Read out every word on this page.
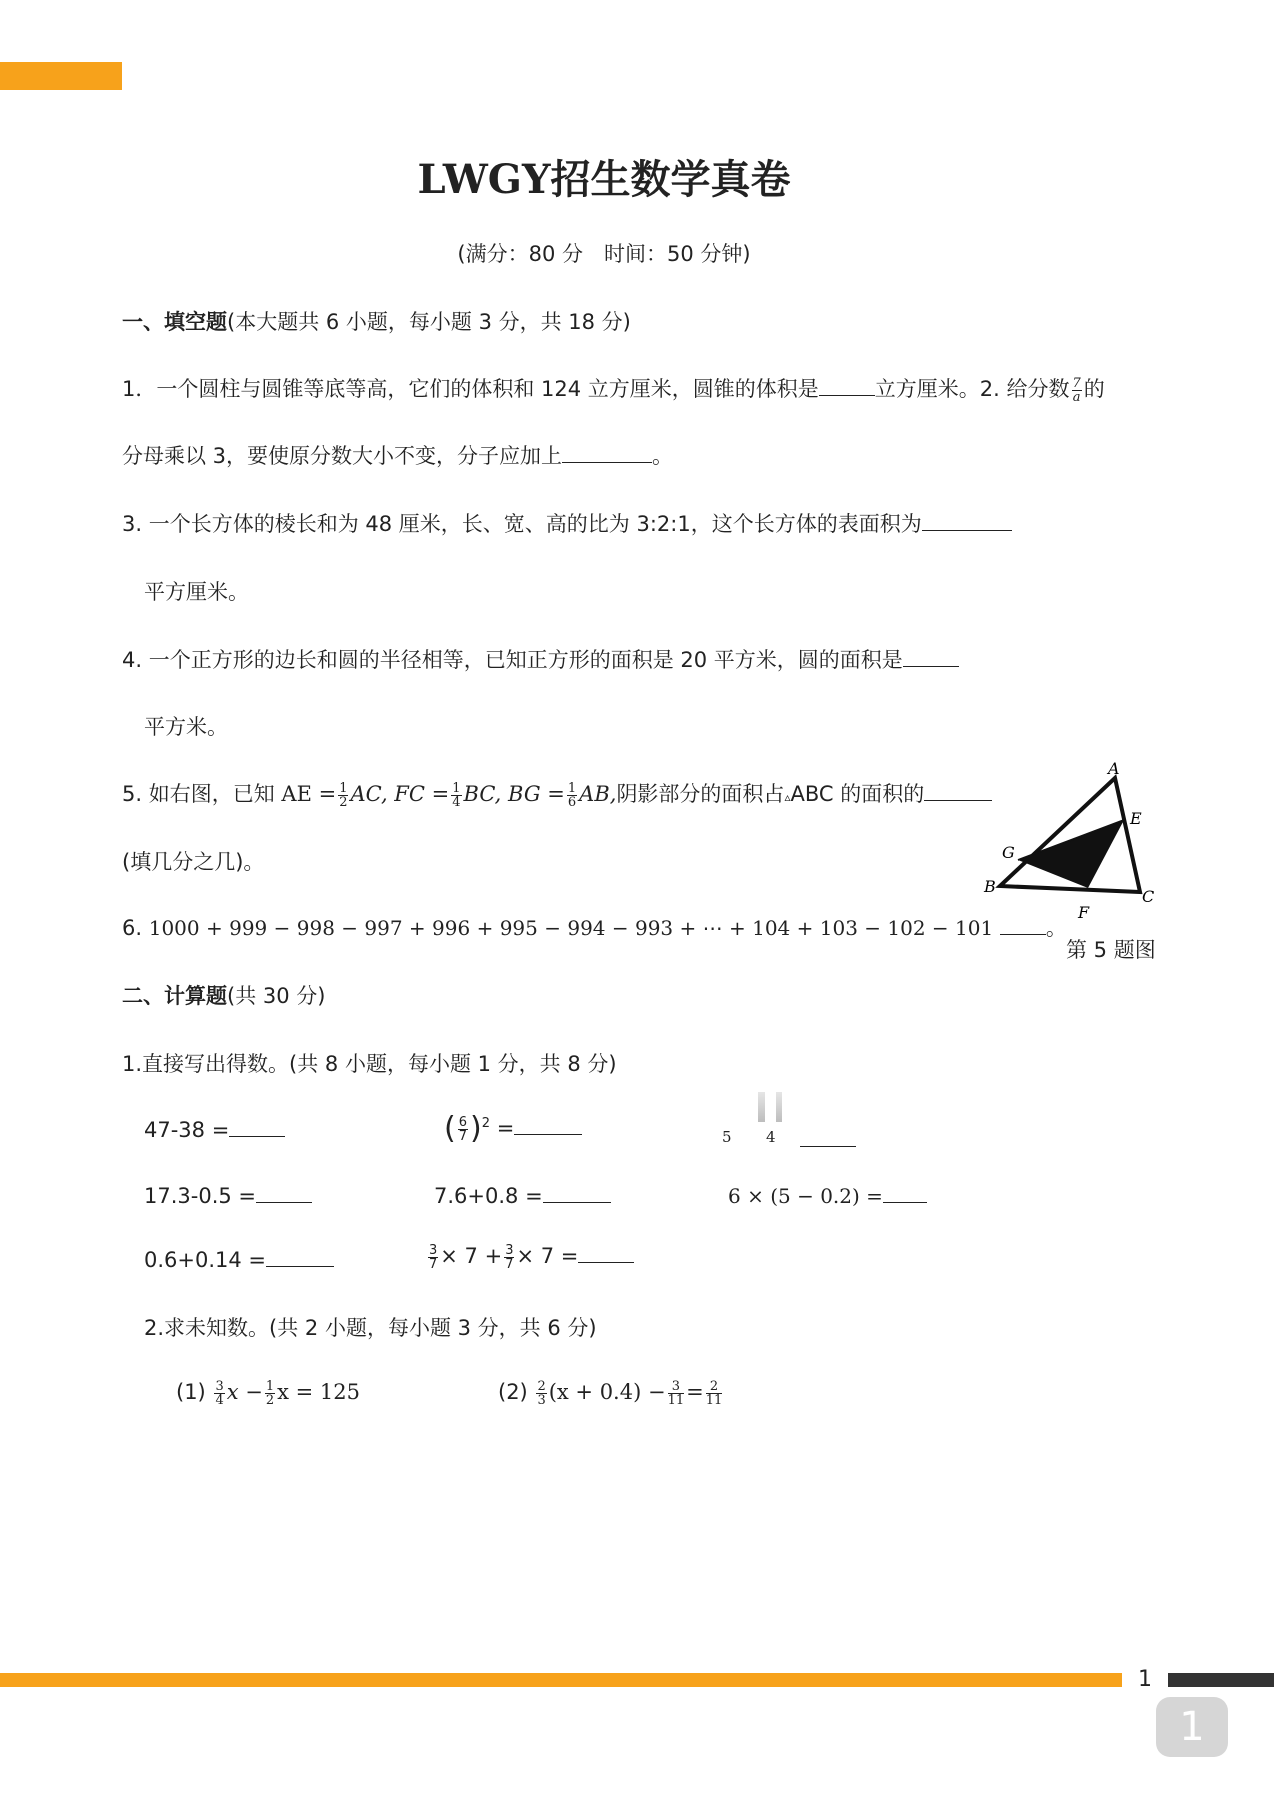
LWGY招生数学真卷
(满分：80 分　时间：50 分钟)
一、填空题(本大题共 6 小题，每小题 3 分，共 18 分)
1．一个圆柱与圆锥等底等高，它们的体积和 124 立方厘米，圆锥的体积是	立方厘米。2. 给分数 $\frac{7}{a}$ 的
分母乘以 3，要使原分数大小不变，分子应加上	。
3. 一个长方体的棱长和为 48 厘米，长、宽、高的比为 3:2:1，这个长方体的表面积为
平方厘米。
4. 一个正方形的边长和圆的半径相等，已知正方形的面积是 20 平方米，圆的面积是
平方米。
5. 如右图，已知 AE = $\frac{1}{2}$ AC, FC = $\frac{1}{4}$ BC, BG = $\frac{1}{6}$ AB,阴影部分的面积占▵ABC 的面积的
(填几分之几)。
6. 1000 + 999 − 998 − 997 + 996 + 995 − 994 − 993 + ⋯ + 104 + 103 − 102 − 101	。
A
E
G
B
C
F
第 5 题图
二、计算题(共 30 分)
1.直接写出得数。(共 8 小题，每小题 1 分，共 8 分)
47-38 =	( $\frac{6}{7} )^2$ =	5 4
17.3-0.5 =	7.6+0.8 =	6 × (5 − 0.2) =
0.6+0.14 =	$\frac{3}{7} \times 7 + \frac{3}{7} \times 7$ =
2.求未知数。(共 2 小题，每小题 3 分，共 6 分)
$(1) \frac{3}{4}$ $x - \frac{1}{2}$ x = 125	$(2) \frac{2}{3} (x + 0.4) - \frac{3}{11} = \frac{2}{11}$
1
1
